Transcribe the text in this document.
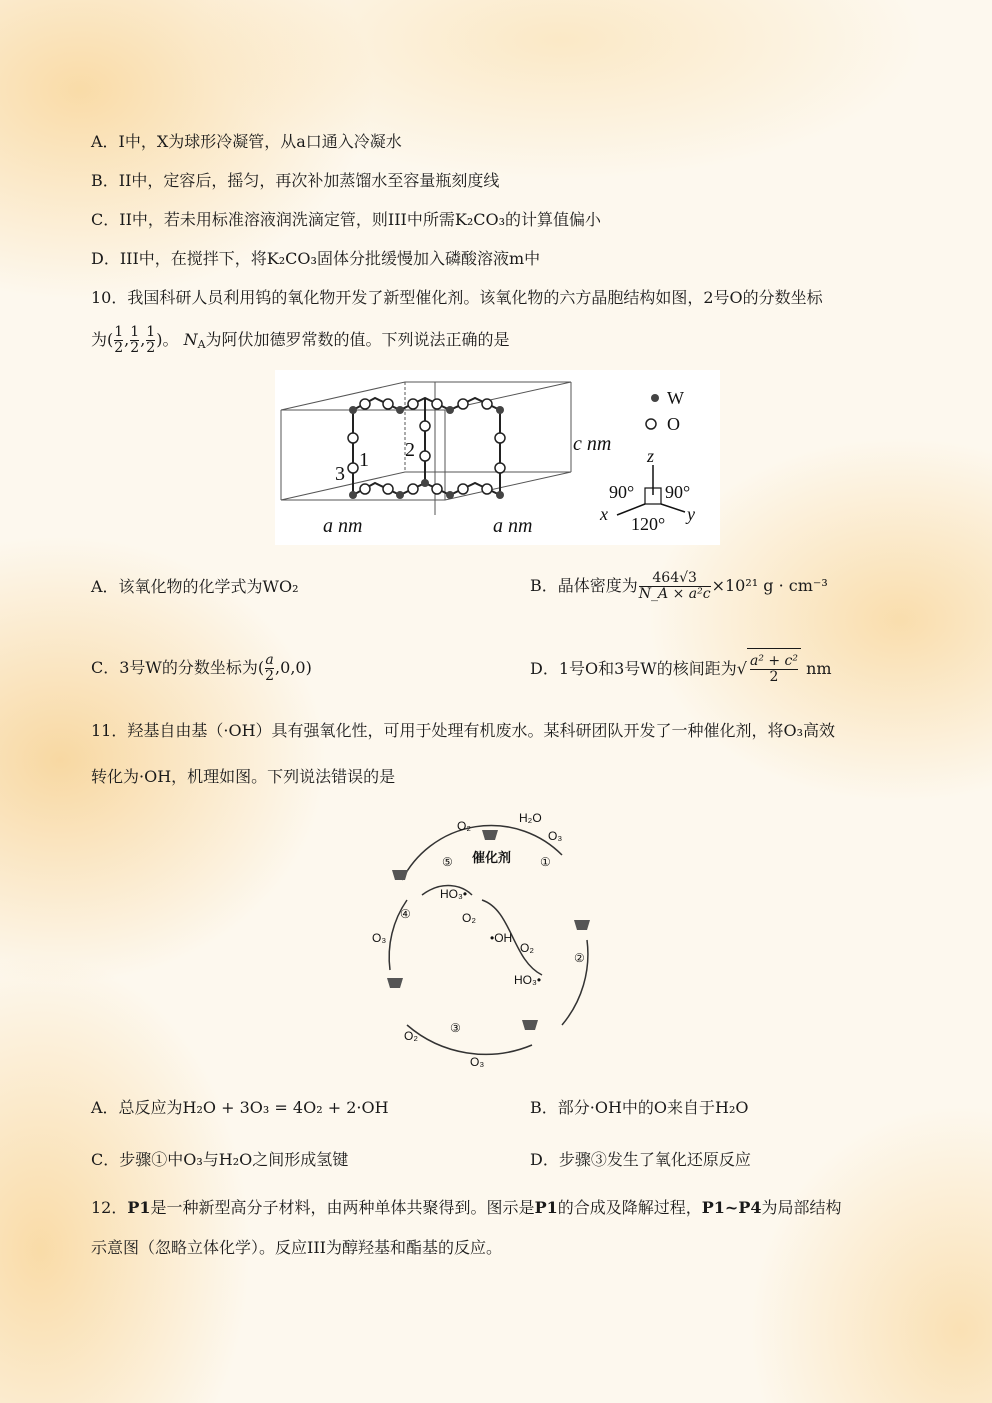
A．I中，X为球形冷凝管，从a口通入冷凝水
B．II中，定容后，摇匀，再次补加蒸馏水至容量瓶刻度线
C．II中，若未用标准溶液润洗滴定管，则III中所需K₂CO₃的计算值偏小
D．III中，在搅拌下，将K₂CO₃固体分批缓慢加入磷酸溶液m中
10．我国科研人员利用钨的氧化物开发了新型催化剂。该氧化物的六方晶胞结构如图，2号O的分数坐标
为( $\frac{1}{2}$ , $\frac{1}{2}$ , $\frac{1}{2}$ )。 $N_A$为阿伏加德罗常数的值。下列说法正确的是
3
1 2	c nm
a nm	a nm
W
O
z
x	y
90° 90°
120°
A．该氧化物的化学式为WO₂	B．晶体密度为 $\frac{464√3}{\text{N\_A × a²c}} \times 10^{21}$ g · cm⁻³
C．3号W的分数坐标为( $\frac{a}{2} ,0,0$)	D．1号O和3号W的核间距为√ $\frac{\text{a² + c²}}{2}$ nm
11．羟基自由基（·OH）具有强氧化性，可用于处理有机废水。某科研团队开发了一种催化剂，将O₃高效
转化为·OH，机理如图。下列说法错误的是
催化剂
H₂O
O₃
O₂
①
②
③
④
⑤
HO₃•
O₂
•OH
O₂
HO₃•
O₃
O₂
O₃
A．总反应为H₂O + 3O₃ = 4O₂ + 2·OH	B．部分·OH中的O来自于H₂O
C．步骤①中O₃与H₂O之间形成氢键	D．步骤③发生了氧化还原反应
12．P1是一种新型高分子材料，由两种单体共聚得到。图示是P1的合成及降解过程，P1~P4为局部结构
示意图（忽略立体化学）。反应III为醇羟基和酯基的反应。
